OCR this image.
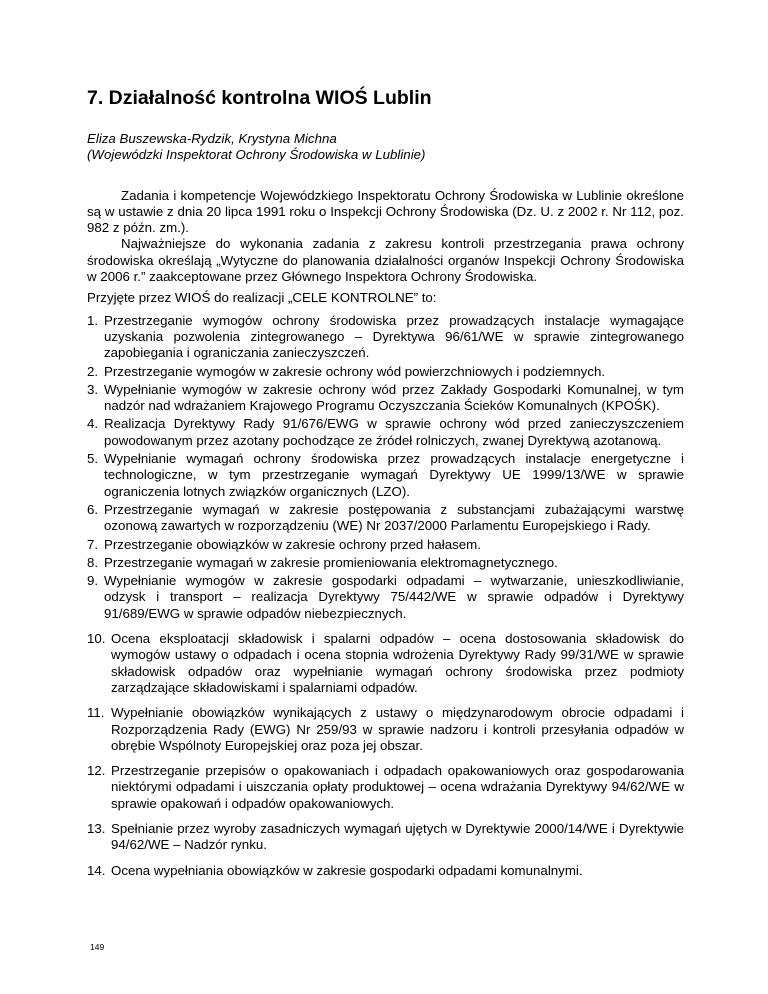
7. Działalność kontrolna WIOŚ Lublin
Eliza Buszewska-Rydzik, Krystyna Michna
(Wojewódzki Inspektorat Ochrony Środowiska w Lublinie)

Zadania i kompetencje Wojewódzkiego Inspektoratu Ochrony Środowiska w Lublinie określone są w ustawie z dnia 20 lipca 1991 roku o Inspekcji Ochrony Środowiska (Dz. U. z 2002 r. Nr 112, poz. 982 z późn. zm.).

Najważniejsze do wykonania zadania z zakresu kontroli przestrzegania prawa ochrony środowiska określają „Wytyczne do planowania działalności organów Inspekcji Ochrony Środowiska w 2006 r.” zaakceptowane przez Głównego Inspektora Ochrony Środowiska.

Przyjęte przez WIOŚ do realizacji „CELE KONTROLNE” to:

1. Przestrzeganie wymogów ochrony środowiska przez prowadzących instalacje wymagające uzyskania pozwolenia zintegrowanego – Dyrektywa 96/61/WE w sprawie zintegrowanego zapobiegania i ograniczania zanieczyszczeń.
2. Przestrzeganie wymogów w zakresie ochrony wód powierzchniowych i podziemnych.
3. Wypełnianie wymogów w zakresie ochrony wód przez Zakłady Gospodarki Komunalnej, w tym nadzór nad wdrażaniem Krajowego Programu Oczyszczania Ścieków Komunalnych (KPOŚK).
4. Realizacja Dyrektywy Rady 91/676/EWG w sprawie ochrony wód przed zanieczyszczeniem powodowanym przez azotany pochodzące ze źródeł rolniczych, zwanej Dyrektywą azotanową.
5. Wypełnianie wymagań ochrony środowiska przez prowadzących instalacje energetyczne i technologiczne, w tym przestrzeganie wymagań Dyrektywy UE 1999/13/WE w sprawie ograniczenia lotnych związków organicznych (LZO).
6. Przestrzeganie wymagań w zakresie postępowania z substancjami zubażającymi warstwę ozonową zawartych w rozporządzeniu (WE) Nr 2037/2000 Parlamentu Europejskiego i Rady.
7. Przestrzeganie obowiązków w zakresie ochrony przed hałasem.
8. Przestrzeganie wymagań w zakresie promieniowania elektromagnetycznego.
9. Wypełnianie wymogów w zakresie gospodarki odpadami – wytwarzanie, unieszkodliwianie, odzysk i transport – realizacja Dyrektywy 75/442/WE w sprawie odpadów i Dyrektywy 91/689/EWG w sprawie odpadów niebezpiecznych.
10. Ocena eksploatacji składowisk i spalarni odpadów – ocena dostosowania składowisk do wymogów ustawy o odpadach i ocena stopnia wdrożenia Dyrektywy Rady 99/31/WE w sprawie składowisk odpadów oraz wypełnianie wymagań ochrony środowiska przez podmioty zarządzające składowiskami i spalarniami odpadów.
11. Wypełnianie obowiązków wynikających z ustawy o międzynarodowym obrocie odpadami i Rozporządzenia Rady (EWG) Nr 259/93 w sprawie nadzoru i kontroli przesyłania odpadów w obrębie Wspólnoty Europejskiej oraz poza jej obszar.
12. Przestrzeganie przepisów o opakowaniach i odpadach opakowaniowych oraz gospodarowania niektórymi odpadami i uiszczania opłaty produktowej – ocena wdrażania Dyrektywy 94/62/WE w sprawie opakowań i odpadów opakowaniowych.
13. Spełnianie przez wyroby zasadniczych wymagań ujętych w Dyrektywie 2000/14/WE i Dyrektywie 94/62/WE – Nadzór rynku.
14. Ocena wypełniania obowiązków w zakresie gospodarki odpadami komunalnymi.
149
